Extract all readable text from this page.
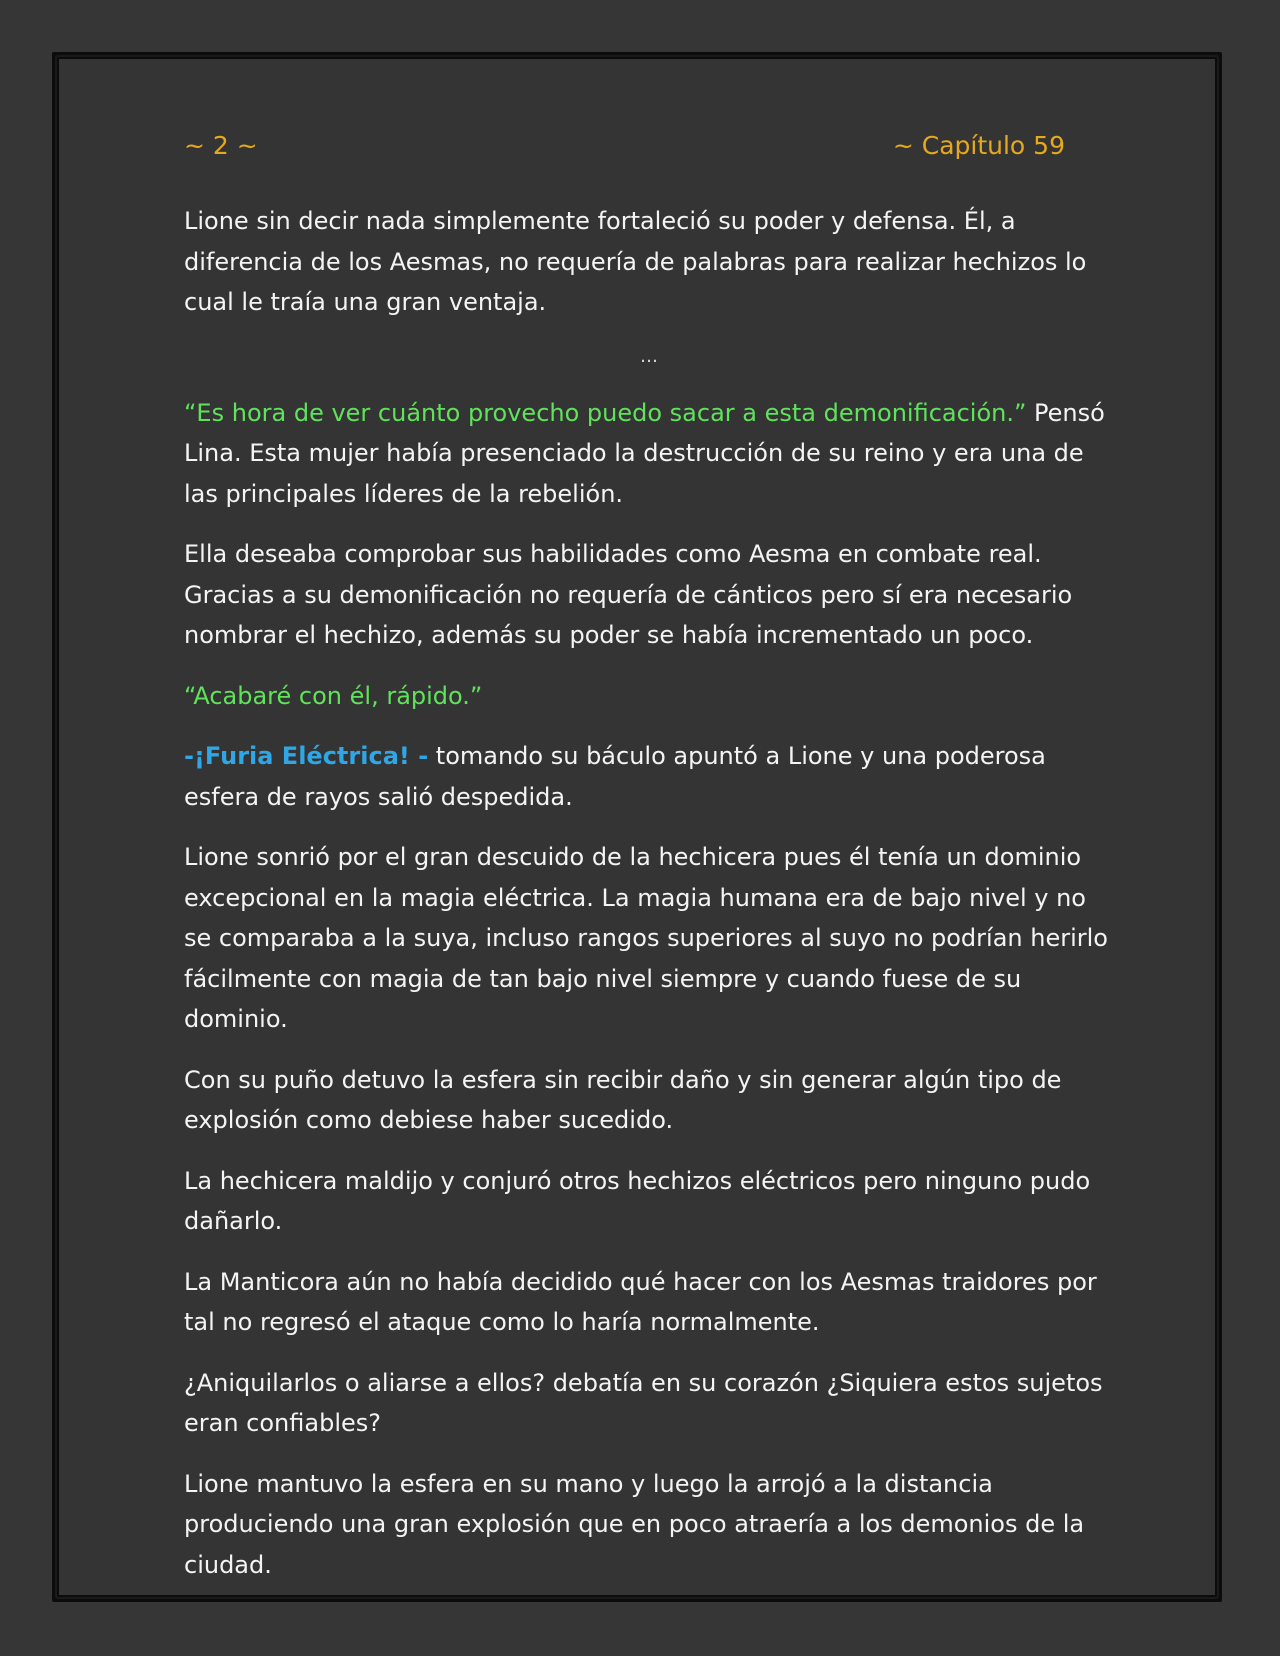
~ 2 ~	~ Capítulo 59

Lione sin decir nada simplemente fortaleció su poder y defensa. Él, a diferencia de los Aesmas, no requería de palabras para realizar hechizos lo cual le traía una gran ventaja.

…

“Es hora de ver cuánto provecho puedo sacar a esta demonificación.” Pensó Lina. Esta mujer había presenciado la destrucción de su reino y era una de las principales líderes de la rebelión.

Ella deseaba comprobar sus habilidades como Aesma en combate real. Gracias a su demonificación no requería de cánticos pero sí era necesario nombrar el hechizo, además su poder se había incrementado un poco.

“Acabaré con él, rápido.”

-¡Furia Eléctrica! - tomando su báculo apuntó a Lione y una poderosa esfera de rayos salió despedida.

Lione sonrió por el gran descuido de la hechicera pues él tenía un dominio excepcional en la magia eléctrica. La magia humana era de bajo nivel y no se comparaba a la suya, incluso rangos superiores al suyo no podrían herirlo fácilmente con magia de tan bajo nivel siempre y cuando fuese de su dominio.

Con su puño detuvo la esfera sin recibir daño y sin generar algún tipo de explosión como debiese haber sucedido.

La hechicera maldijo y conjuró otros hechizos eléctricos pero ninguno pudo dañarlo.

La Manticora aún no había decidido qué hacer con los Aesmas traidores por tal no regresó el ataque como lo haría normalmente.

¿Aniquilarlos o aliarse a ellos? debatía en su corazón ¿Siquiera estos sujetos eran confiables?

Lione mantuvo la esfera en su mano y luego la arrojó a la distancia produciendo una gran explosión que en poco atraería a los demonios de la ciudad.
